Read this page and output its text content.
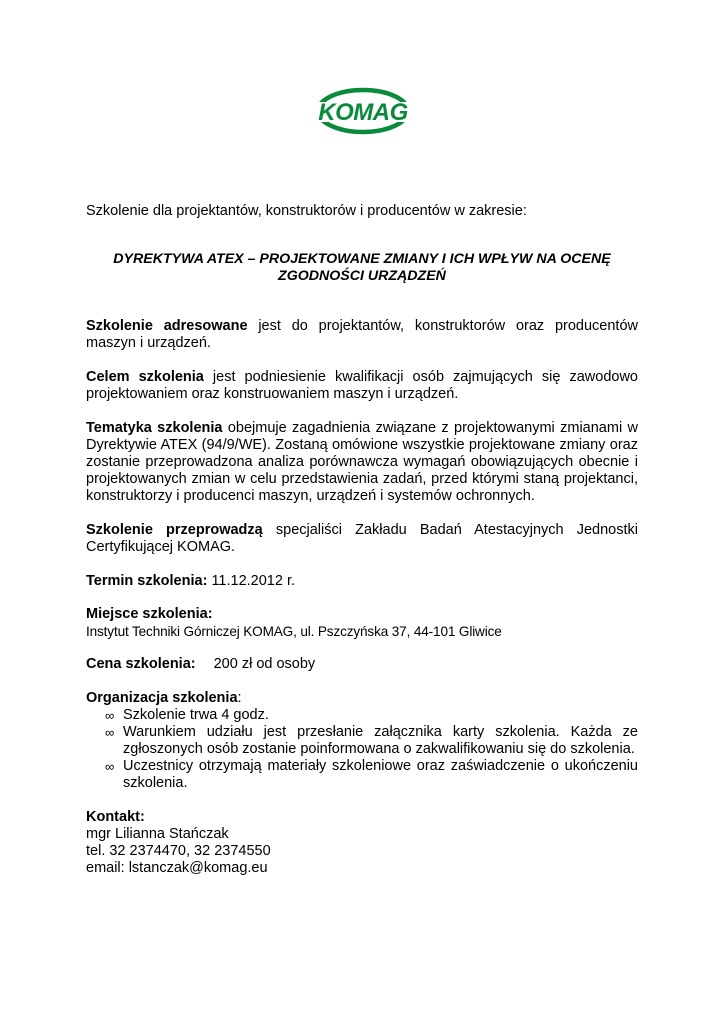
KOMAG

Szkolenie dla projektantów, konstruktorów i producentów w zakresie:

DYREKTYWA ATEX – PROJEKTOWANE ZMIANY I ICH WPŁYW NA OCENĘ
ZGODNOŚCI URZĄDZEŃ

Szkolenie adresowane jest do projektantów, konstruktorów oraz producentów maszyn i urządzeń.

Celem szkolenia jest podniesienie kwalifikacji osób zajmujących się zawodowo projektowaniem oraz konstruowaniem maszyn i urządzeń.

Tematyka szkolenia obejmuje zagadnienia związane z projektowanymi zmianami w Dyrektywie ATEX (94/9/WE). Zostaną omówione wszystkie projektowane zmiany oraz zostanie przeprowadzona analiza porównawcza wymagań obowiązujących obecnie i projektowanych zmian w celu przedstawienia zadań, przed którymi staną projektanci, konstruktorzy i producenci maszyn, urządzeń i systemów ochronnych.

Szkolenie przeprowadzą specjaliści Zakładu Badań Atestacyjnych Jednostki Certyfikującej KOMAG.

Termin szkolenia: 11.12.2012 r.
Miejsce szkolenia:
Instytut Techniki Górniczej KOMAG, ul. Pszczyńska 37, 44-101 Gliwice
Cena szkolenia: 200 zł od osoby
Organizacja szkolenia:
∞ Szkolenie trwa 4 godz.
∞ Warunkiem udziału jest przesłanie załącznika karty szkolenia. Każda ze zgłoszonych osób zostanie poinformowana o zakwalifikowaniu się do szkolenia.
∞ Uczestnicy otrzymają materiały szkoleniowe oraz zaświadczenie o ukończeniu szkolenia.
Kontakt:
mgr Lilianna Stańczak
tel. 32 2374470, 32 2374550
email: lstanczak@komag.eu
